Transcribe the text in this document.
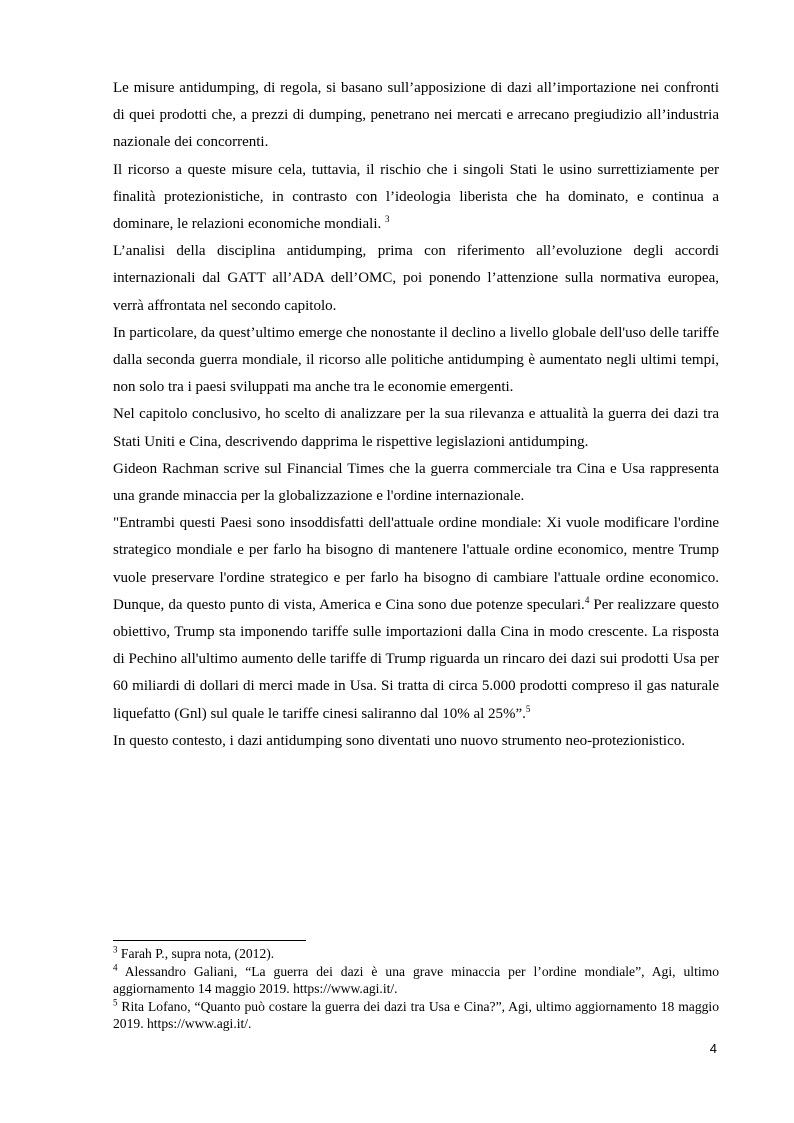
Le misure antidumping, di regola, si basano sull’apposizione di dazi all’importazione nei confronti di quei prodotti che, a prezzi di dumping, penetrano nei mercati e arrecano pregiudizio all’industria nazionale dei concorrenti.

Il ricorso a queste misure cela, tuttavia, il rischio che i singoli Stati le usino surrettiziamente per finalità protezionistiche, in contrasto con l’ideologia liberista che ha dominato, e continua a dominare, le relazioni economiche mondiali. $^3$

L’analisi della disciplina antidumping, prima con riferimento all’evoluzione degli accordi internazionali dal GATT all’ADA dell’OMC, poi ponendo l’attenzione sulla normativa europea, verrà affrontata nel secondo capitolo.

In particolare, da quest’ultimo emerge che nonostante il declino a livello globale dell'uso delle tariffe dalla seconda guerra mondiale, il ricorso alle politiche antidumping è aumentato negli ultimi tempi, non solo tra i paesi sviluppati ma anche tra le economie emergenti.

Nel capitolo conclusivo, ho scelto di analizzare per la sua rilevanza e attualità la guerra dei dazi tra Stati Uniti e Cina, descrivendo dapprima le rispettive legislazioni antidumping.

Gideon Rachman scrive sul Financial Times che la guerra commerciale tra Cina e Usa rappresenta una grande minaccia per la globalizzazione e l'ordine internazionale.

"Entrambi questi Paesi sono insoddisfatti dell'attuale ordine mondiale: Xi vuole modificare l'ordine strategico mondiale e per farlo ha bisogno di mantenere l'attuale ordine economico, mentre Trump vuole preservare l'ordine strategico e per farlo ha bisogno di cambiare l'attuale ordine economico. Dunque, da questo punto di vista, America e Cina sono due potenze speculari.$^4$ Per realizzare questo obiettivo, Trump sta imponendo tariffe sulle importazioni dalla Cina in modo crescente. La risposta di Pechino all'ultimo aumento delle tariffe di Trump riguarda un rincaro dei dazi sui prodotti Usa per 60 miliardi di dollari di merci made in Usa. Si tratta di circa 5.000 prodotti compreso il gas naturale liquefatto (Gnl) sul quale le tariffe cinesi saliranno dal 10% al 25%”.$^5$

In questo contesto, i dazi antidumping sono diventati uno nuovo strumento neo-protezionistico.

$^3$ Farah P., supra nota, (2012).

$^4$ Alessandro Galiani, “La guerra dei dazi è una grave minaccia per l’ordine mondiale”, Agi, ultimo aggiornamento 14 maggio 2019. https://www.agi.it/.

$^5$ Rita Lofano, “Quanto può costare la guerra dei dazi tra Usa e Cina?”, Agi, ultimo aggiornamento 18 maggio 2019. https://www.agi.it/.

4
